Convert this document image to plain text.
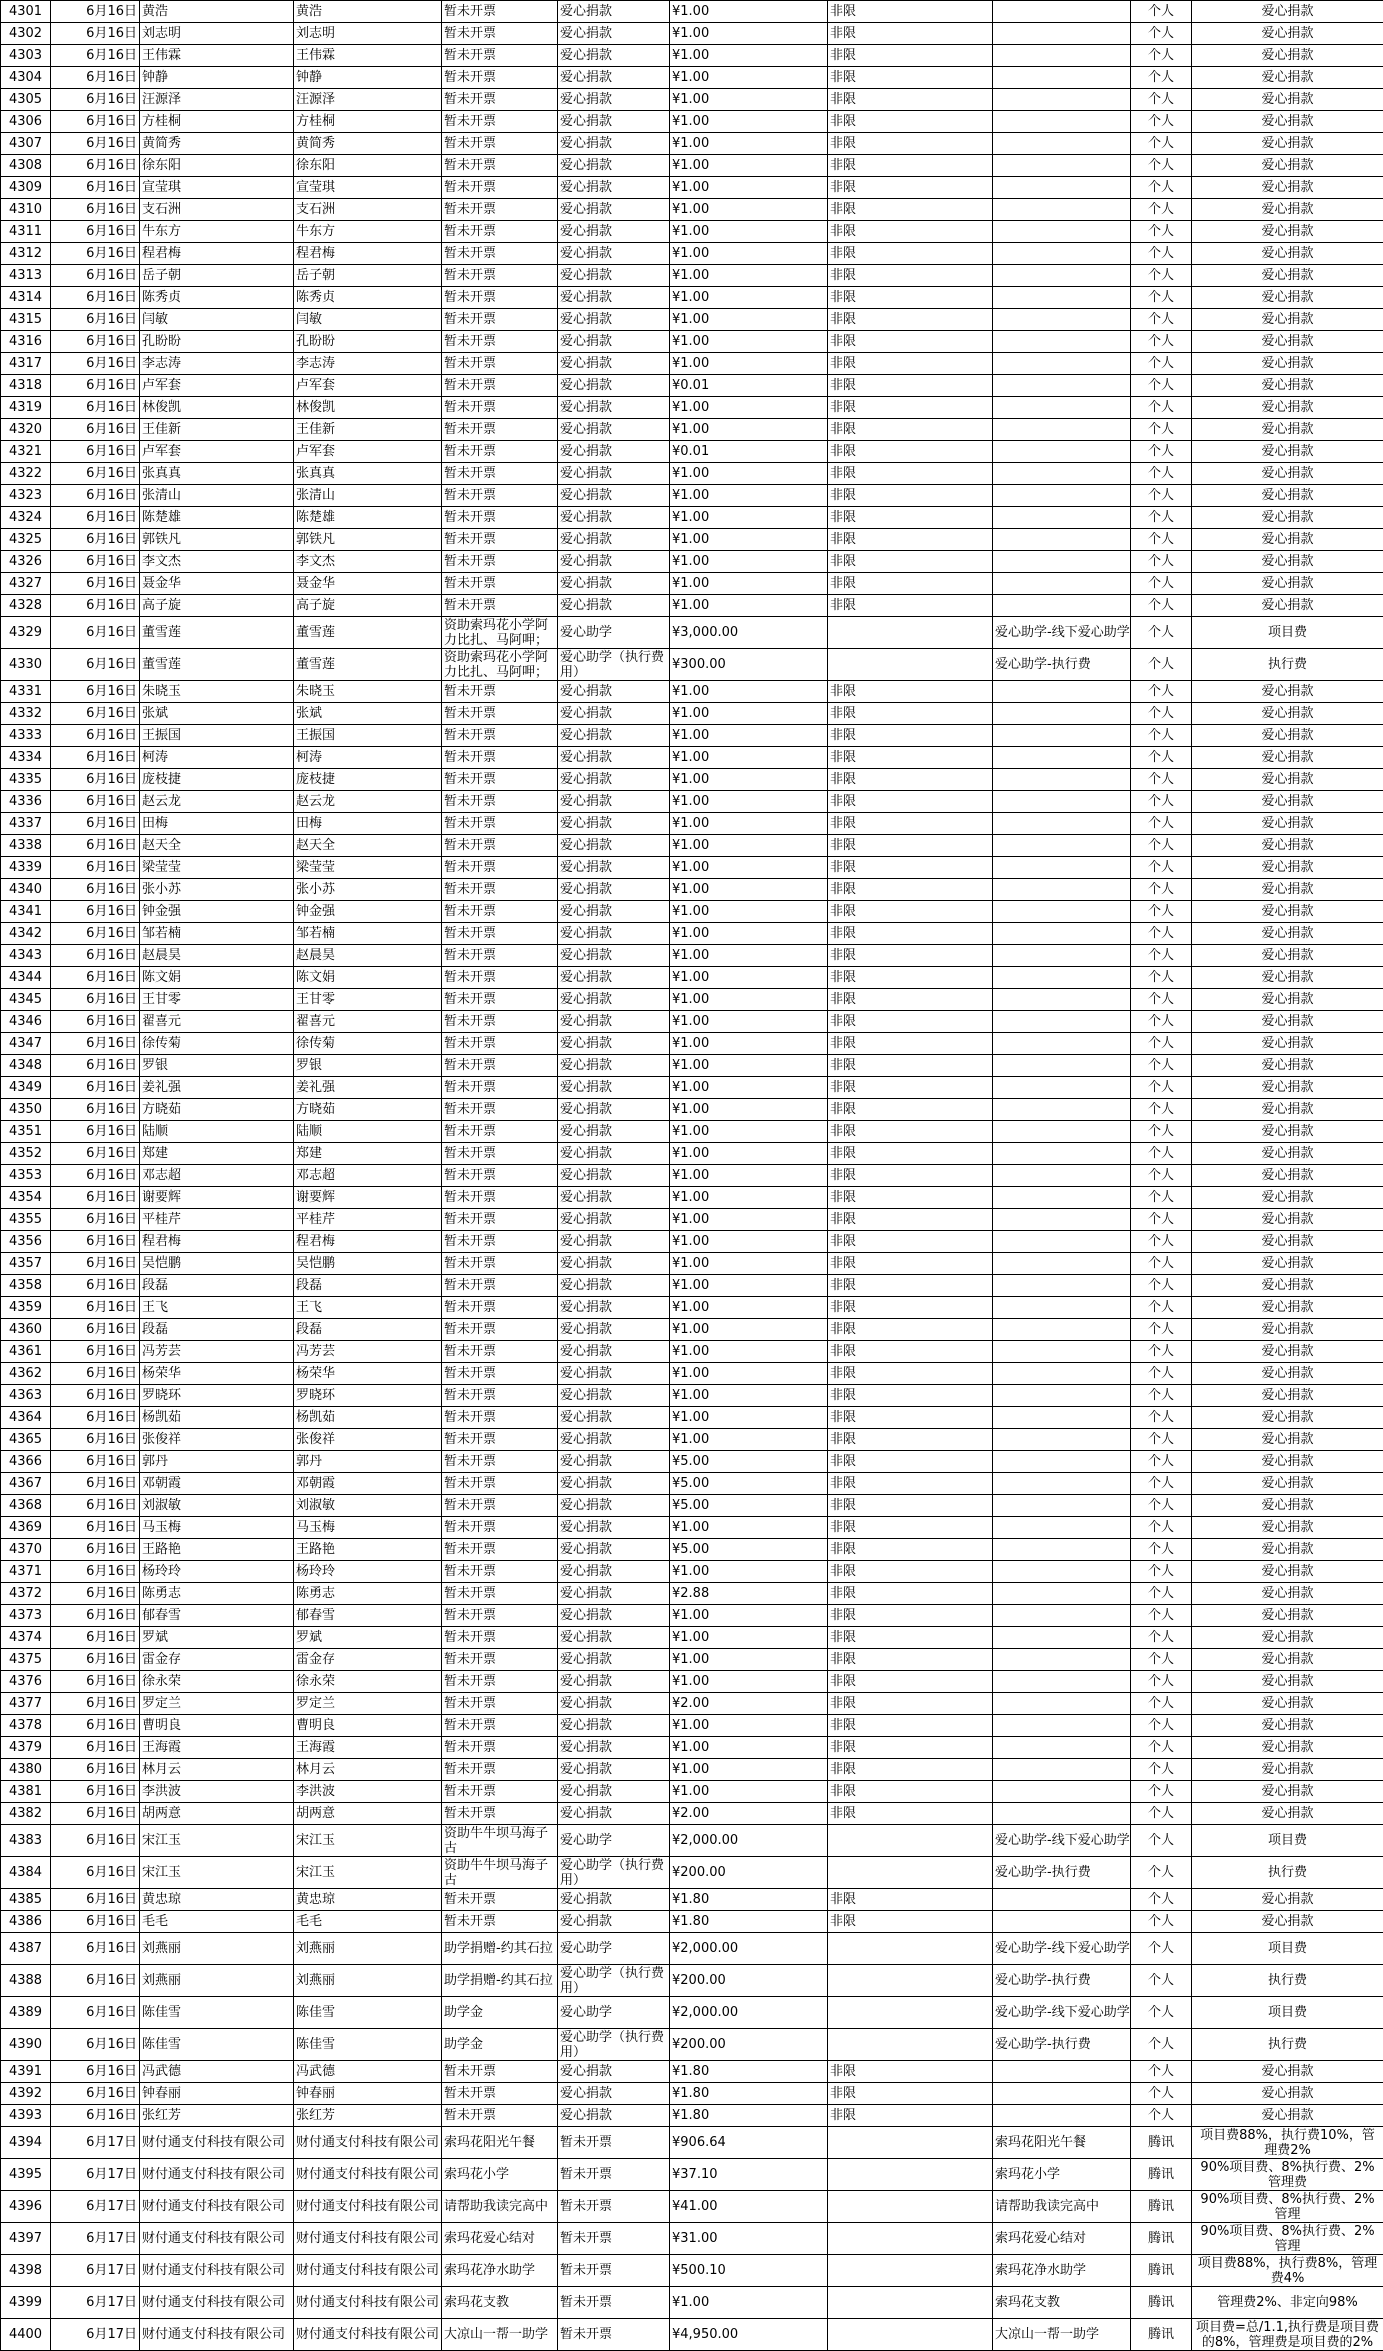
4301	6月16日	黄浩	黄浩	暂未开票	爱心捐款	¥1.00	非限		个人	爱心捐款
4302	6月16日	刘志明	刘志明	暂未开票	爱心捐款	¥1.00	非限		个人	爱心捐款
4303	6月16日	王伟霖	王伟霖	暂未开票	爱心捐款	¥1.00	非限		个人	爱心捐款
4304	6月16日	钟静	钟静	暂未开票	爱心捐款	¥1.00	非限		个人	爱心捐款
4305	6月16日	汪源泽	汪源泽	暂未开票	爱心捐款	¥1.00	非限		个人	爱心捐款
4306	6月16日	方桂桐	方桂桐	暂未开票	爱心捐款	¥1.00	非限		个人	爱心捐款
4307	6月16日	黄简秀	黄简秀	暂未开票	爱心捐款	¥1.00	非限		个人	爱心捐款
4308	6月16日	徐东阳	徐东阳	暂未开票	爱心捐款	¥1.00	非限		个人	爱心捐款
4309	6月16日	宣莹琪	宣莹琪	暂未开票	爱心捐款	¥1.00	非限		个人	爱心捐款
4310	6月16日	支石洲	支石洲	暂未开票	爱心捐款	¥1.00	非限		个人	爱心捐款
4311	6月16日	牛东方	牛东方	暂未开票	爱心捐款	¥1.00	非限		个人	爱心捐款
4312	6月16日	程君梅	程君梅	暂未开票	爱心捐款	¥1.00	非限		个人	爱心捐款
4313	6月16日	岳子朝	岳子朝	暂未开票	爱心捐款	¥1.00	非限		个人	爱心捐款
4314	6月16日	陈秀贞	陈秀贞	暂未开票	爱心捐款	¥1.00	非限		个人	爱心捐款
4315	6月16日	闫敏	闫敏	暂未开票	爱心捐款	¥1.00	非限		个人	爱心捐款
4316	6月16日	孔盼盼	孔盼盼	暂未开票	爱心捐款	¥1.00	非限		个人	爱心捐款
4317	6月16日	李志涛	李志涛	暂未开票	爱心捐款	¥1.00	非限		个人	爱心捐款
4318	6月16日	卢军套	卢军套	暂未开票	爱心捐款	¥0.01	非限		个人	爱心捐款
4319	6月16日	林俊凯	林俊凯	暂未开票	爱心捐款	¥1.00	非限		个人	爱心捐款
4320	6月16日	王佳新	王佳新	暂未开票	爱心捐款	¥1.00	非限		个人	爱心捐款
4321	6月16日	卢军套	卢军套	暂未开票	爱心捐款	¥0.01	非限		个人	爱心捐款
4322	6月16日	张真真	张真真	暂未开票	爱心捐款	¥1.00	非限		个人	爱心捐款
4323	6月16日	张清山	张清山	暂未开票	爱心捐款	¥1.00	非限		个人	爱心捐款
4324	6月16日	陈楚雄	陈楚雄	暂未开票	爱心捐款	¥1.00	非限		个人	爱心捐款
4325	6月16日	郭铁凡	郭铁凡	暂未开票	爱心捐款	¥1.00	非限		个人	爱心捐款
4326	6月16日	李文杰	李文杰	暂未开票	爱心捐款	¥1.00	非限		个人	爱心捐款
4327	6月16日	聂金华	聂金华	暂未开票	爱心捐款	¥1.00	非限		个人	爱心捐款
4328	6月16日	高子旋	高子旋	暂未开票	爱心捐款	¥1.00	非限		个人	爱心捐款
4329	6月16日	董雪莲	董雪莲	资助索玛花小学阿力比扎、马阿呷；	爱心助学	¥3,000.00		爱心助学-线下爱心助学	个人	项目费
4330	6月16日	董雪莲	董雪莲	资助索玛花小学阿力比扎、马阿呷；	爱心助学（执行费用）	¥300.00		爱心助学-执行费	个人	执行费
4331	6月16日	朱晓玉	朱晓玉	暂未开票	爱心捐款	¥1.00	非限		个人	爱心捐款
4332	6月16日	张斌	张斌	暂未开票	爱心捐款	¥1.00	非限		个人	爱心捐款
4333	6月16日	王振国	王振国	暂未开票	爱心捐款	¥1.00	非限		个人	爱心捐款
4334	6月16日	柯涛	柯涛	暂未开票	爱心捐款	¥1.00	非限		个人	爱心捐款
4335	6月16日	庞枝捷	庞枝捷	暂未开票	爱心捐款	¥1.00	非限		个人	爱心捐款
4336	6月16日	赵云龙	赵云龙	暂未开票	爱心捐款	¥1.00	非限		个人	爱心捐款
4337	6月16日	田梅	田梅	暂未开票	爱心捐款	¥1.00	非限		个人	爱心捐款
4338	6月16日	赵天全	赵天全	暂未开票	爱心捐款	¥1.00	非限		个人	爱心捐款
4339	6月16日	梁莹莹	梁莹莹	暂未开票	爱心捐款	¥1.00	非限		个人	爱心捐款
4340	6月16日	张小苏	张小苏	暂未开票	爱心捐款	¥1.00	非限		个人	爱心捐款
4341	6月16日	钟金强	钟金强	暂未开票	爱心捐款	¥1.00	非限		个人	爱心捐款
4342	6月16日	邹若楠	邹若楠	暂未开票	爱心捐款	¥1.00	非限		个人	爱心捐款
4343	6月16日	赵晨昊	赵晨昊	暂未开票	爱心捐款	¥1.00	非限		个人	爱心捐款
4344	6月16日	陈文娟	陈文娟	暂未开票	爱心捐款	¥1.00	非限		个人	爱心捐款
4345	6月16日	王甘零	王甘零	暂未开票	爱心捐款	¥1.00	非限		个人	爱心捐款
4346	6月16日	翟喜元	翟喜元	暂未开票	爱心捐款	¥1.00	非限		个人	爱心捐款
4347	6月16日	徐传菊	徐传菊	暂未开票	爱心捐款	¥1.00	非限		个人	爱心捐款
4348	6月16日	罗银	罗银	暂未开票	爱心捐款	¥1.00	非限		个人	爱心捐款
4349	6月16日	姜礼强	姜礼强	暂未开票	爱心捐款	¥1.00	非限		个人	爱心捐款
4350	6月16日	方晓茹	方晓茹	暂未开票	爱心捐款	¥1.00	非限		个人	爱心捐款
4351	6月16日	陆顺	陆顺	暂未开票	爱心捐款	¥1.00	非限		个人	爱心捐款
4352	6月16日	郑建	郑建	暂未开票	爱心捐款	¥1.00	非限		个人	爱心捐款
4353	6月16日	邓志超	邓志超	暂未开票	爱心捐款	¥1.00	非限		个人	爱心捐款
4354	6月16日	谢要辉	谢要辉	暂未开票	爱心捐款	¥1.00	非限		个人	爱心捐款
4355	6月16日	平桂芹	平桂芹	暂未开票	爱心捐款	¥1.00	非限		个人	爱心捐款
4356	6月16日	程君梅	程君梅	暂未开票	爱心捐款	¥1.00	非限		个人	爱心捐款
4357	6月16日	吴恺鹏	吴恺鹏	暂未开票	爱心捐款	¥1.00	非限		个人	爱心捐款
4358	6月16日	段磊	段磊	暂未开票	爱心捐款	¥1.00	非限		个人	爱心捐款
4359	6月16日	王飞	王飞	暂未开票	爱心捐款	¥1.00	非限		个人	爱心捐款
4360	6月16日	段磊	段磊	暂未开票	爱心捐款	¥1.00	非限		个人	爱心捐款
4361	6月16日	冯芳芸	冯芳芸	暂未开票	爱心捐款	¥1.00	非限		个人	爱心捐款
4362	6月16日	杨荣华	杨荣华	暂未开票	爱心捐款	¥1.00	非限		个人	爱心捐款
4363	6月16日	罗晓环	罗晓环	暂未开票	爱心捐款	¥1.00	非限		个人	爱心捐款
4364	6月16日	杨凯茹	杨凯茹	暂未开票	爱心捐款	¥1.00	非限		个人	爱心捐款
4365	6月16日	张俊祥	张俊祥	暂未开票	爱心捐款	¥1.00	非限		个人	爱心捐款
4366	6月16日	郭丹	郭丹	暂未开票	爱心捐款	¥5.00	非限		个人	爱心捐款
4367	6月16日	邓朝霞	邓朝霞	暂未开票	爱心捐款	¥5.00	非限		个人	爱心捐款
4368	6月16日	刘淑敏	刘淑敏	暂未开票	爱心捐款	¥5.00	非限		个人	爱心捐款
4369	6月16日	马玉梅	马玉梅	暂未开票	爱心捐款	¥1.00	非限		个人	爱心捐款
4370	6月16日	王路艳	王路艳	暂未开票	爱心捐款	¥5.00	非限		个人	爱心捐款
4371	6月16日	杨玲玲	杨玲玲	暂未开票	爱心捐款	¥1.00	非限		个人	爱心捐款
4372	6月16日	陈勇志	陈勇志	暂未开票	爱心捐款	¥2.88	非限		个人	爱心捐款
4373	6月16日	郁春雪	郁春雪	暂未开票	爱心捐款	¥1.00	非限		个人	爱心捐款
4374	6月16日	罗斌	罗斌	暂未开票	爱心捐款	¥1.00	非限		个人	爱心捐款
4375	6月16日	雷金存	雷金存	暂未开票	爱心捐款	¥1.00	非限		个人	爱心捐款
4376	6月16日	徐永荣	徐永荣	暂未开票	爱心捐款	¥1.00	非限		个人	爱心捐款
4377	6月16日	罗定兰	罗定兰	暂未开票	爱心捐款	¥2.00	非限		个人	爱心捐款
4378	6月16日	曹明良	曹明良	暂未开票	爱心捐款	¥1.00	非限		个人	爱心捐款
4379	6月16日	王海霞	王海霞	暂未开票	爱心捐款	¥1.00	非限		个人	爱心捐款
4380	6月16日	林月云	林月云	暂未开票	爱心捐款	¥1.00	非限		个人	爱心捐款
4381	6月16日	李洪波	李洪波	暂未开票	爱心捐款	¥1.00	非限		个人	爱心捐款
4382	6月16日	胡两意	胡两意	暂未开票	爱心捐款	¥2.00	非限		个人	爱心捐款
4383	6月16日	宋江玉	宋江玉	资助牛牛坝马海子古	爱心助学	¥2,000.00		爱心助学-线下爱心助学	个人	项目费
4384	6月16日	宋江玉	宋江玉	资助牛牛坝马海子古	爱心助学（执行费用）	¥200.00		爱心助学-执行费	个人	执行费
4385	6月16日	黄忠琼	黄忠琼	暂未开票	爱心捐款	¥1.80	非限		个人	爱心捐款
4386	6月16日	毛毛	毛毛	暂未开票	爱心捐款	¥1.80	非限		个人	爱心捐款
4387	6月16日	刘燕丽	刘燕丽	助学捐赠-约其石拉	爱心助学	¥2,000.00		爱心助学-线下爱心助学	个人	项目费
4388	6月16日	刘燕丽	刘燕丽	助学捐赠-约其石拉	爱心助学（执行费用）	¥200.00		爱心助学-执行费	个人	执行费
4389	6月16日	陈佳雪	陈佳雪	助学金	爱心助学	¥2,000.00		爱心助学-线下爱心助学	个人	项目费
4390	6月16日	陈佳雪	陈佳雪	助学金	爱心助学（执行费用）	¥200.00		爱心助学-执行费	个人	执行费
4391	6月16日	冯武德	冯武德	暂未开票	爱心捐款	¥1.80	非限		个人	爱心捐款
4392	6月16日	钟春丽	钟春丽	暂未开票	爱心捐款	¥1.80	非限		个人	爱心捐款
4393	6月16日	张红芳	张红芳	暂未开票	爱心捐款	¥1.80	非限		个人	爱心捐款
4394	6月17日	财付通支付科技有限公司	财付通支付科技有限公司	索玛花阳光午餐	暂未开票	¥906.64		索玛花阳光午餐	腾讯	项目费88%，执行费10%，管理费2%
4395	6月17日	财付通支付科技有限公司	财付通支付科技有限公司	索玛花小学	暂未开票	¥37.10		索玛花小学	腾讯	90%项目费、8%执行费、2%管理费
4396	6月17日	财付通支付科技有限公司	财付通支付科技有限公司	请帮助我读完高中	暂未开票	¥41.00		请帮助我读完高中	腾讯	90%项目费、8%执行费、2%管理
4397	6月17日	财付通支付科技有限公司	财付通支付科技有限公司	索玛花爱心结对	暂未开票	¥31.00		索玛花爱心结对	腾讯	90%项目费、8%执行费、2%管理
4398	6月17日	财付通支付科技有限公司	财付通支付科技有限公司	索玛花净水助学	暂未开票	¥500.10		索玛花净水助学	腾讯	项目费88%，执行费8%，管理费4%
4399	6月17日	财付通支付科技有限公司	财付通支付科技有限公司	索玛花支教	暂未开票	¥1.00		索玛花支教	腾讯	管理费2%、非定向98%
4400	6月17日	财付通支付科技有限公司	财付通支付科技有限公司	大凉山一帮一助学	暂未开票	¥4,950.00		大凉山一帮一助学	腾讯	项目费=总/1.1,执行费是项目费的8%，管理费是项目费的2%
